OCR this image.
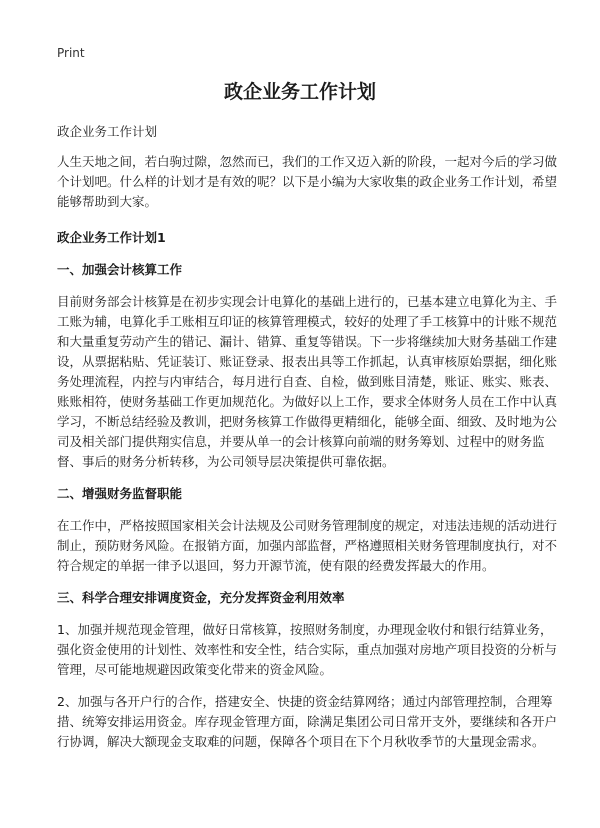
Print
政企业务工作计划

政企业务工作计划

人生天地之间，若白驹过隙，忽然而已，我们的工作又迈入新的阶段，一起对今后的学习做个计划吧。什么样的计划才是有效的呢？以下是小编为大家收集的政企业务工作计划，希望能够帮助到大家。

政企业务工作计划1

一、加强会计核算工作

目前财务部会计核算是在初步实现会计电算化的基础上进行的，已基本建立电算化为主、手工账为辅，电算化手工账相互印证的核算管理模式，较好的处理了手工核算中的计账不规范和大量重复劳动产生的错记、漏计、错算、重复等错误。下一步将继续加大财务基础工作建设，从票据粘贴、凭证装订、账证登录、报表出具等工作抓起，认真审核原始票据，细化账务处理流程，内控与内审结合，每月进行自查、自检，做到账目清楚，账证、账实、账表、账账相符，使财务基础工作更加规范化。为做好以上工作，要求全体财务人员在工作中认真学习，不断总结经验及教训，把财务核算工作做得更精细化，能够全面、细致、及时地为公司及相关部门提供翔实信息，并要从单一的会计核算向前端的财务筹划、过程中的财务监督、事后的财务分析转移，为公司领导层决策提供可靠依据。

二、增强财务监督职能

在工作中，严格按照国家相关会计法规及公司财务管理制度的规定，对违法违规的活动进行制止，预防财务风险。在报销方面，加强内部监督，严格遵照相关财务管理制度执行，对不符合规定的单据一律予以退回，努力开源节流，使有限的经费发挥最大的作用。

三、科学合理安排调度资金，充分发挥资金利用效率

1、加强并规范现金管理，做好日常核算，按照财务制度，办理现金收付和银行结算业务，强化资金使用的计划性、效率性和安全性，结合实际，重点加强对房地产项目投资的分析与管理，尽可能地规避因政策变化带来的资金风险。

2、加强与各开户行的合作，搭建安全、快捷的资金结算网络；通过内部管理控制，合理筹措、统筹安排运用资金。库存现金管理方面，除满足集团公司日常开支外，要继续和各开户行协调，解决大额现金支取难的问题，保障各个项目在下个月秋收季节的大量现金需求。
